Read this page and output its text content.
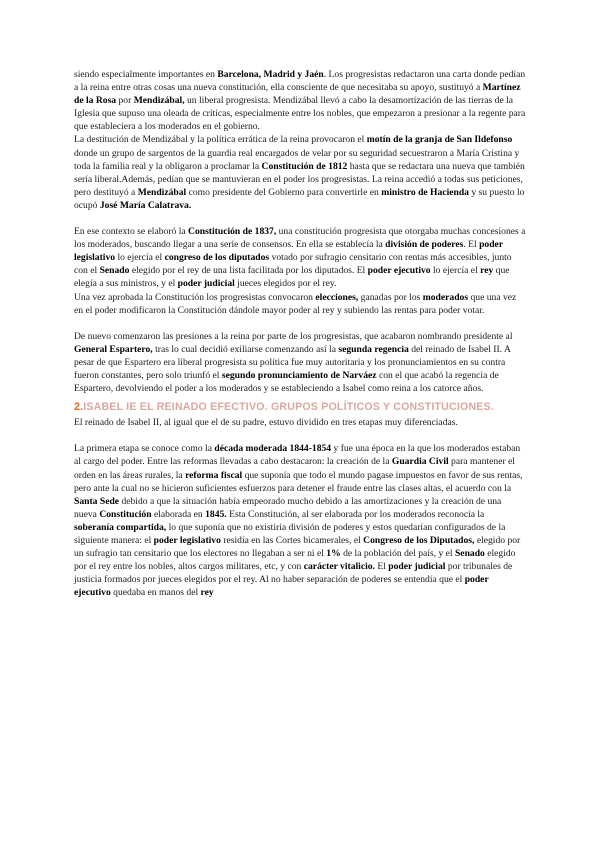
siendo especialmente importantes en Barcelona, Madrid y Jaén. Los progresistas redactaron una carta donde pedían a la reina entre otras cosas una nueva constitución, ella consciente de que necesitaba su apoyo, sustituyó a Martínez de la Rosa por Mendizábal, un liberal progresista. Mendizábal llevó a cabo la desamortización de las tierras de la Iglesia que supuso una oleada de críticas, especialmente entre los nobles, que empezaron a presionar a la regente para que estableciera a los moderados en el gobierno.

La destitución de Mendizábal y la política errática de la reina provocaron el motín de la granja de San Ildefonso donde un grupo de sargentos de la guardia real encargados de velar por su seguridad secuestraron a María Cristina y toda la familia real y la obligaron a proclamar la Constitución de 1812 hasta que se redactara una nueva que también sería liberal.Además, pedían que se mantuvieran en el poder los progresistas. La reina accedió a todas sus peticiones, pero destituyó a Mendizábal como presidente del Gobierno para convertirle en ministro de Hacienda y su puesto lo ocupó José María Calatrava.

En ese contexto se elaboró la Constitución de 1837, una constitución progresista que otorgaba muchas concesiones a los moderados, buscando llegar a una serie de consensos. En ella se establecía la división de poderes. El poder legislativo lo ejercía el congreso de los diputados votado por sufragio censitario con rentas más accesibles, junto con el Senado elegido por el rey de una lista facilitada por los diputados. El poder ejecutivo lo ejercía el rey que elegía a sus ministros, y el poder judicial jueces elegidos por el rey.

Una vez aprobada la Constitución los progresistas convocaron elecciones, ganadas por los moderados que una vez en el poder modificaron la Constitución dándole mayor poder al rey y subiendo las rentas para poder votar.

De nuevo comenzaron las presiones a la reina por parte de los progresistas, que acabaron nombrando presidente al General Espartero, tras lo cual decidió exiliarse comenzando así la segunda regencia del reinado de Isabel II. A pesar de que Espartero era liberal progresista su política fue muy autoritaria y los pronunciamientos en su contra fueron constantes, pero solo triunfó el segundo pronunciamiento de Narváez con el que acabó la regencia de Espartero, devolviendo el poder a los moderados y se estableciendo a Isabel como reina a los catorce años.

2.ISABEL IE EL REINADO EFECTIVO. GRUPOS POLÍTICOS Y CONSTITUCIONES.

El reinado de Isabel II, al igual que el de su padre, estuvo dividido en tres etapas muy diferenciadas.

La primera etapa se conoce como la década moderada 1844-1854 y fue una época en la que los moderados estaban al cargo del poder. Entre las reformas llevadas a cabo destacaron: la creación de la Guardia Civil para mantener el orden en las áreas rurales, la reforma fiscal que suponía que todo el mundo pagase impuestos en favor de sus rentas, pero ante la cual no se hicieron suficientes esfuerzos para detener el fraude entre las clases altas, el acuerdo con la Santa Sede debido a que la situación había empeorado mucho debido a las amortizaciones y la creación de una nueva Constitución elaborada en 1845. Esta Constitución, al ser elaborada por los moderados reconocía la soberanía compartida, lo que suponía que no existiría división de poderes y estos quedarían configurados de la siguiente manera: el poder legislativo residía en las Cortes bicamerales, el Congreso de los Diputados, elegido por un sufragio tan censitario que los electores no llegaban a ser ni el 1% de la población del país, y el Senado elegido por el rey entre los nobles, altos cargos militares, etc, y con carácter vitalicio. El poder judicial por tribunales de justicia formados por jueces elegidos por el rey. Al no haber separación de poderes se entendía que el poder ejecutivo quedaba en manos del rey
